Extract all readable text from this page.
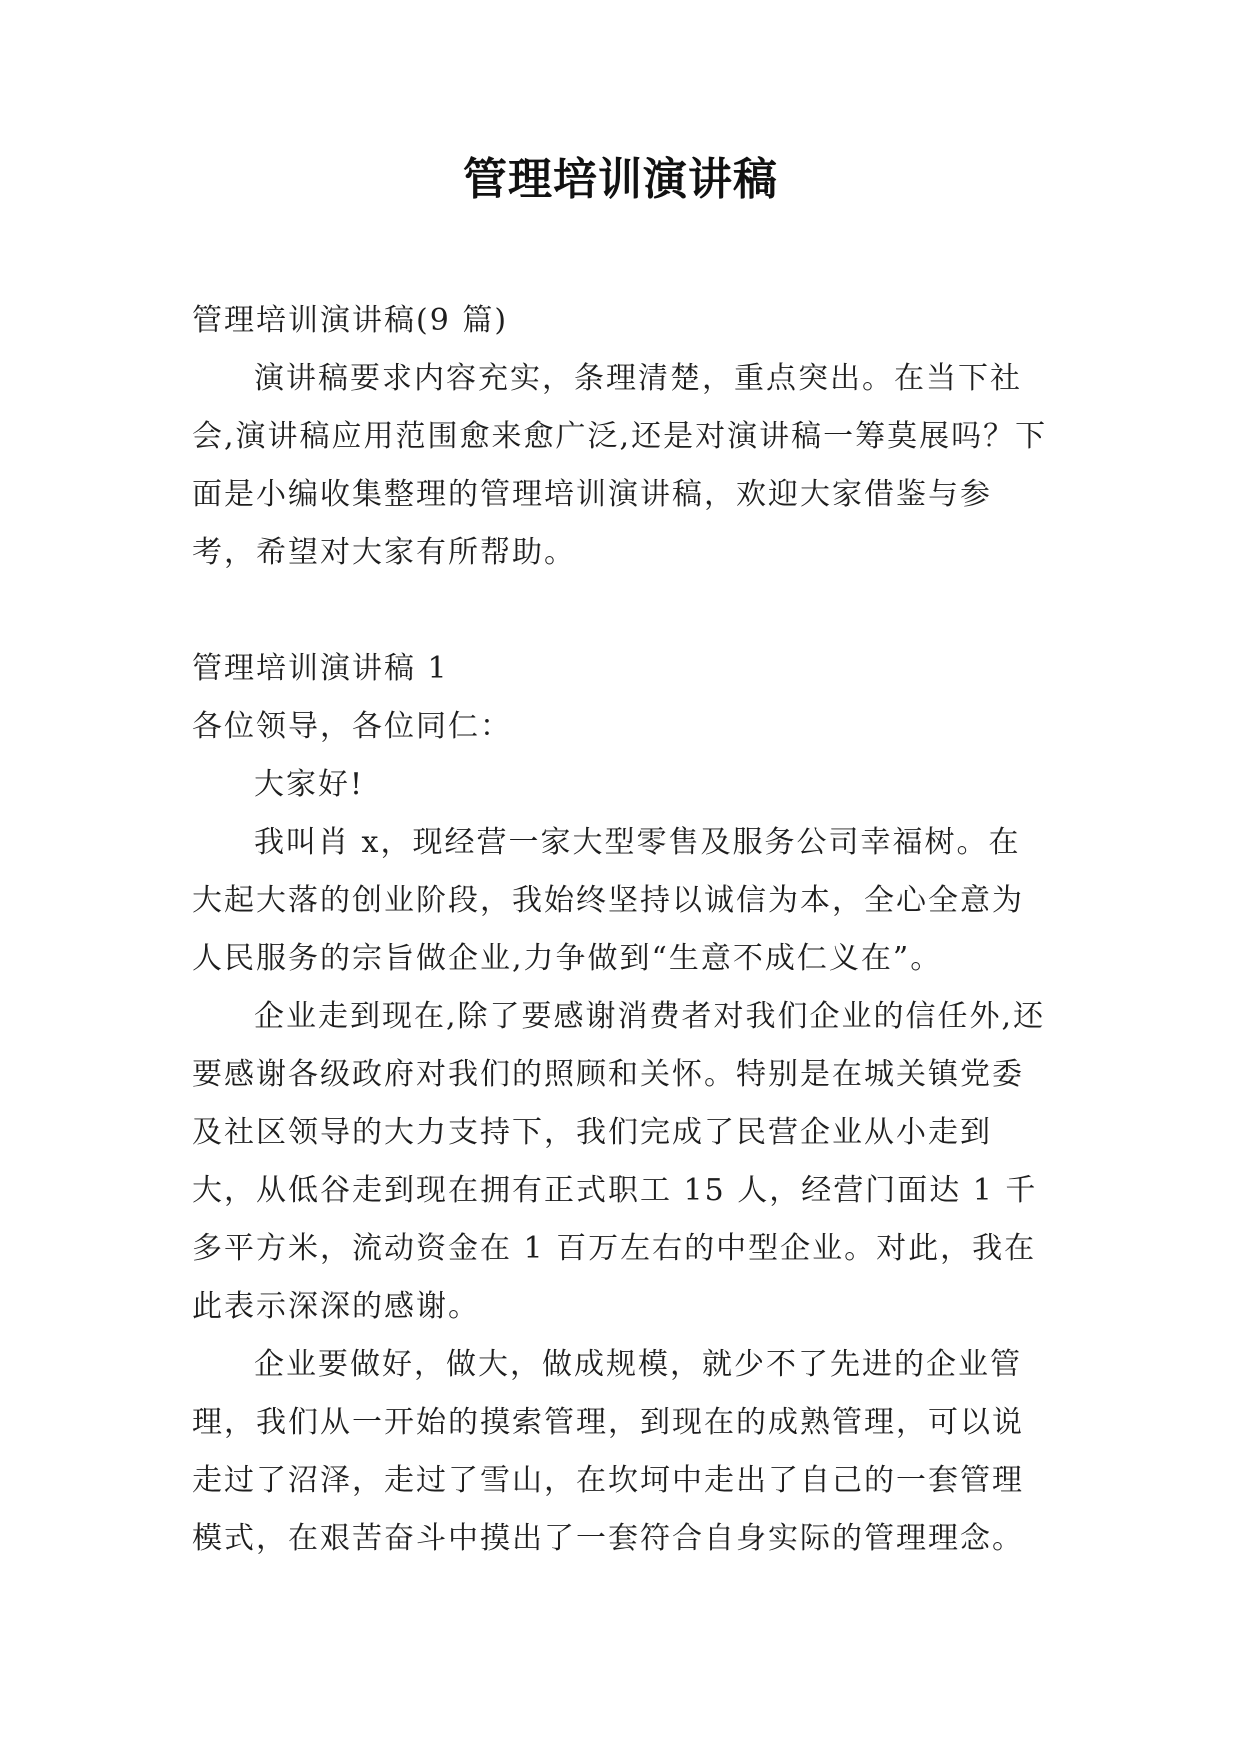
管理培训演讲稿

管理培训演讲稿(9 篇)

演讲稿要求内容充实，条理清楚，重点突出。在当下社会,演讲稿应用范围愈来愈广泛,还是对演讲稿一筹莫展吗？下面是小编收集整理的管理培训演讲稿，欢迎大家借鉴与参考，希望对大家有所帮助。

管理培训演讲稿 1

各位领导，各位同仁：

大家好!

我叫肖 x，现经营一家大型零售及服务公司幸福树。在大起大落的创业阶段，我始终坚持以诚信为本，全心全意为人民服务的宗旨做企业,力争做到“生意不成仁义在”。

企业走到现在,除了要感谢消费者对我们企业的信任外,还要感谢各级政府对我们的照顾和关怀。特别是在城关镇党委及社区领导的大力支持下，我们完成了民营企业从小走到大，从低谷走到现在拥有正式职工 15 人，经营门面达 1 千多平方米，流动资金在 1 百万左右的中型企业。对此，我在此表示深深的感谢。

企业要做好，做大，做成规模，就少不了先进的企业管理，我们从一开始的摸索管理，到现在的成熟管理，可以说走过了沼泽，走过了雪山，在坎坷中走出了自己的一套管理模式，在艰苦奋斗中摸出了一套符合自身实际的管理理念。
